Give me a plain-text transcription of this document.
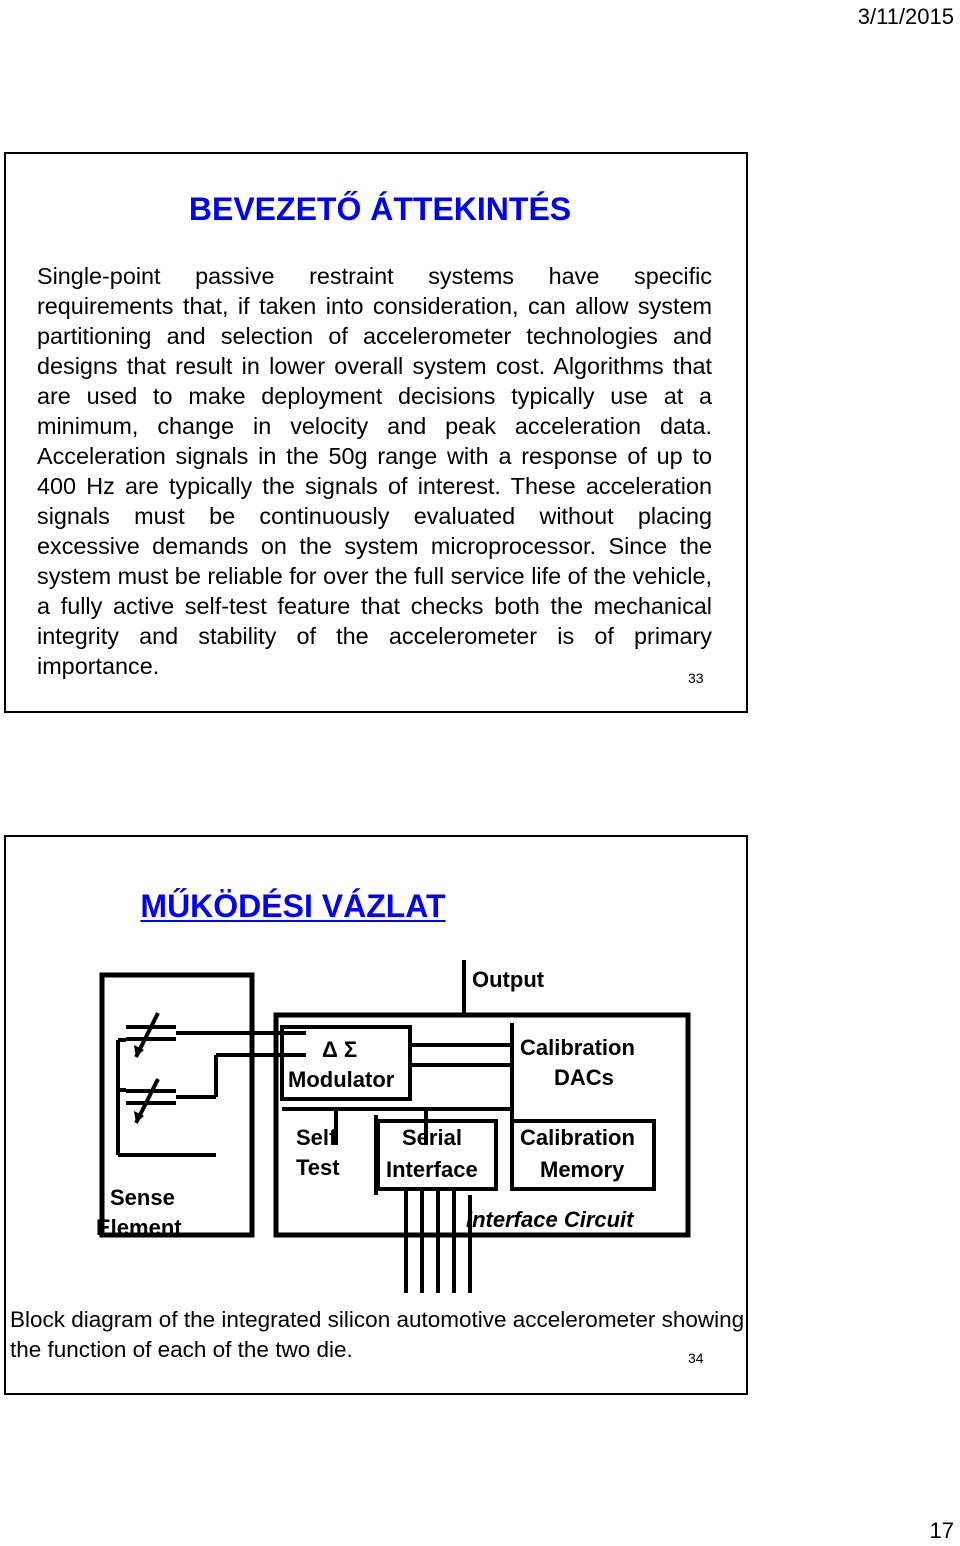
3/11/2015
BEVEZETŐ ÁTTEKINTÉS

Single-point passive restraint systems have specific requirements that, if taken into consideration, can allow system partitioning and selection of accelerometer technologies and designs that result in lower overall system cost. Algorithms that are used to make deployment decisions typically use at a minimum, change in velocity and peak acceleration data. Acceleration signals in the 50g range with a response of up to 400 Hz are typically the signals of interest. These acceleration signals must be continuously evaluated without placing excessive demands on the system microprocessor. Since the system must be reliable for over the full service life of the vehicle, a fully active self-test feature that checks both the mechanical integrity and stability of the accelerometer is of primary importance.	33
MŰKÖDÉSI VÁZLAT
Output
Sense
Element
Δ Σ
Modulator
Calibration
DACs
Self
Test
Serial
Interface
Calibration
Memory
Interface Circuit

Block diagram of the integrated silicon automotive accelerometer showing the function of each of the two die.	34
17
